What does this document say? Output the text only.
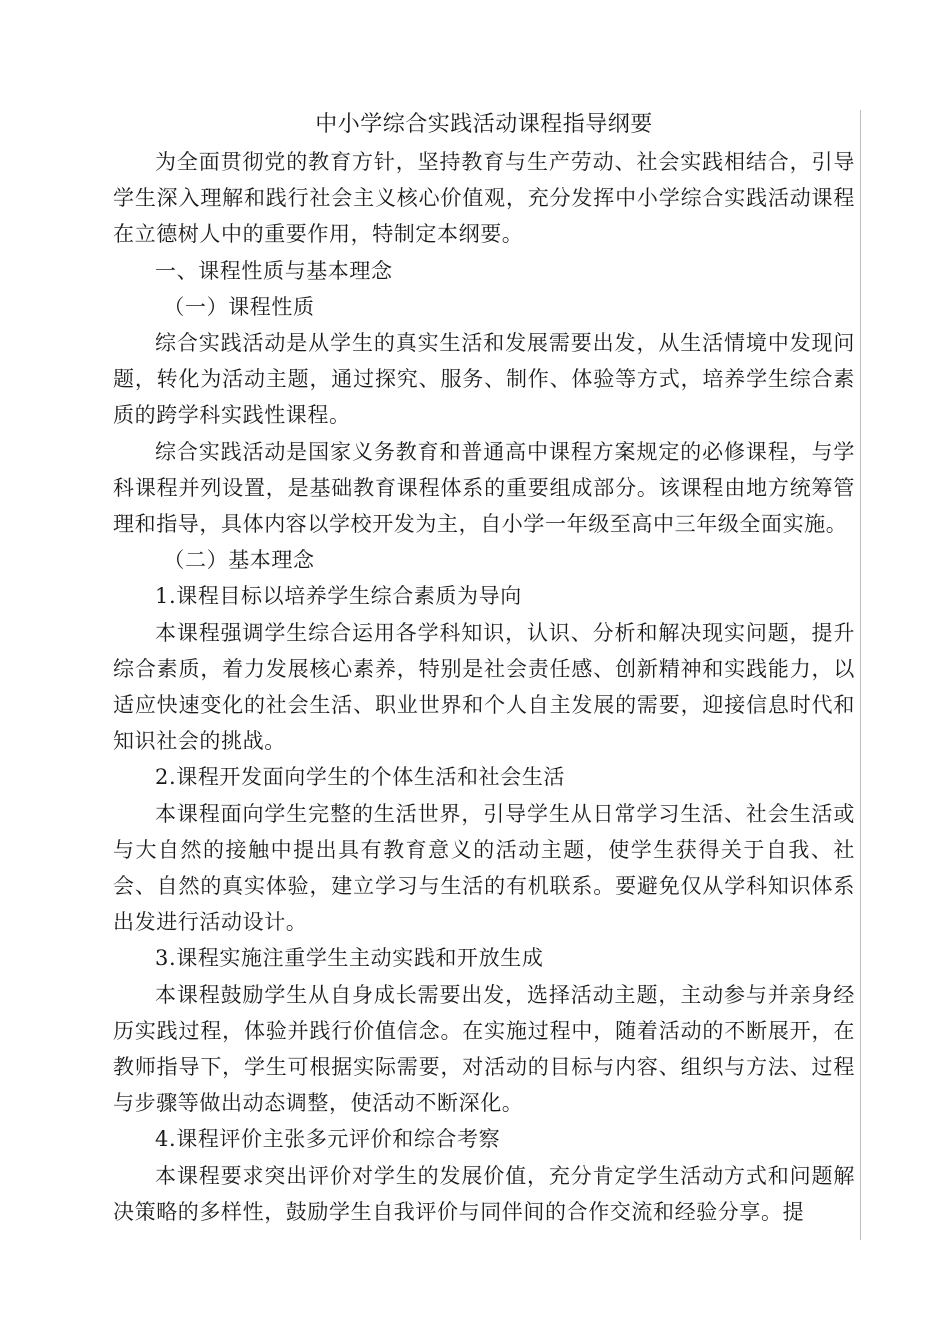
中小学综合实践活动课程指导纲要

为全面贯彻党的教育方针，坚持教育与生产劳动、社会实践相结合，引导学生深入理解和践行社会主义核心价值观，充分发挥中小学综合实践活动课程在立德树人中的重要作用，特制定本纲要。

一、课程性质与基本理念

（一）课程性质

综合实践活动是从学生的真实生活和发展需要出发，从生活情境中发现问题，转化为活动主题，通过探究、服务、制作、体验等方式，培养学生综合素质的跨学科实践性课程。

综合实践活动是国家义务教育和普通高中课程方案规定的必修课程，与学科课程并列设置，是基础教育课程体系的重要组成部分。该课程由地方统筹管理和指导，具体内容以学校开发为主，自小学一年级至高中三年级全面实施。

（二）基本理念

1.课程目标以培养学生综合素质为导向

本课程强调学生综合运用各学科知识，认识、分析和解决现实问题，提升综合素质，着力发展核心素养，特别是社会责任感、创新精神和实践能力，以适应快速变化的社会生活、职业世界和个人自主发展的需要，迎接信息时代和知识社会的挑战。

2.课程开发面向学生的个体生活和社会生活

本课程面向学生完整的生活世界，引导学生从日常学习生活、社会生活或与大自然的接触中提出具有教育意义的活动主题，使学生获得关于自我、社会、自然的真实体验，建立学习与生活的有机联系。要避免仅从学科知识体系出发进行活动设计。

3.课程实施注重学生主动实践和开放生成

本课程鼓励学生从自身成长需要出发，选择活动主题，主动参与并亲身经历实践过程，体验并践行价值信念。在实施过程中，随着活动的不断展开，在教师指导下，学生可根据实际需要，对活动的目标与内容、组织与方法、过程与步骤等做出动态调整，使活动不断深化。

4.课程评价主张多元评价和综合考察

本课程要求突出评价对学生的发展价值，充分肯定学生活动方式和问题解决策略的多样性，鼓励学生自我评价与同伴间的合作交流和经验分享。提
